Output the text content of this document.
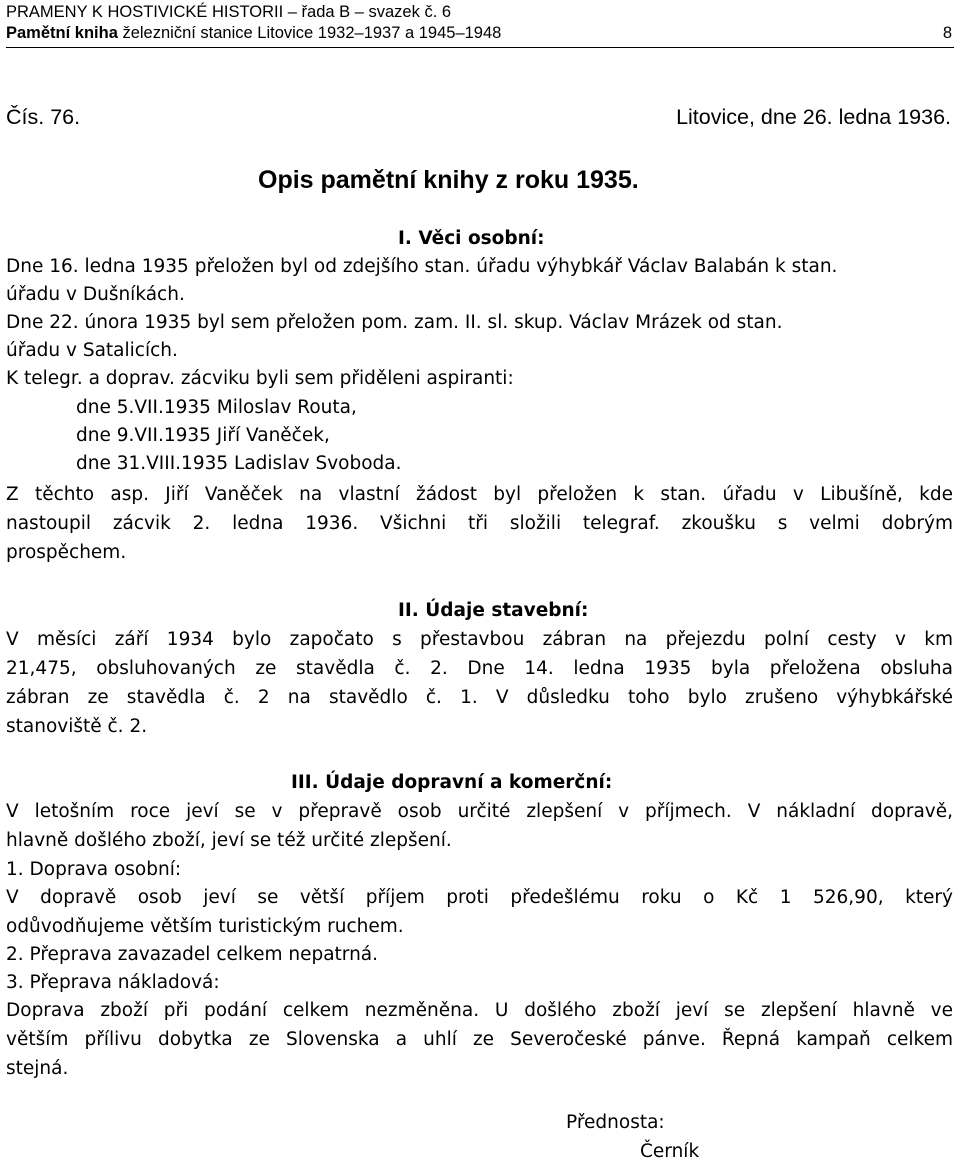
PRAMENY K HOSTIVICKÉ HISTORII – řada B – svazek č. 6
Pamětní kniha železniční stanice Litovice 1932–1937 a 1945–1948	8
Čís. 76.	Litovice, dne 26. ledna 1936.
Opis pamětní knihy z roku 1935.
I. Věci osobní:
Dne 16. ledna 1935 přeložen byl od zdejšího stan. úřadu výhybkář Václav Balabán k stan.
úřadu v Dušníkách.
Dne 22. února 1935 byl sem přeložen pom. zam. II. sl. skup. Václav Mrázek od stan.
úřadu v Satalicích.
K telegr. a doprav. zácviku byli sem přiděleni aspiranti:
dne 5.VII.1935 Miloslav Routa,
dne 9.VII.1935 Jiří Vaněček,
dne 31.VIII.1935 Ladislav Svoboda.
Z těchto asp. Jiří Vaněček na vlastní žádost byl přeložen k stan. úřadu v Libušíně, kde
nastoupil zácvik 2. ledna 1936. Všichni tři složili telegraf. zkoušku s velmi dobrým
prospěchem.
II. Údaje stavební:
V měsíci září 1934 bylo započato s přestavbou zábran na přejezdu polní cesty v km
21,475, obsluhovaných ze stavědla č. 2. Dne 14. ledna 1935 byla přeložena obsluha
zábran ze stavědla č. 2 na stavědlo č. 1. V důsledku toho bylo zrušeno výhybkářské
stanoviště č. 2.
III. Údaje dopravní a komerční:
V letošním roce jeví se v přepravě osob určité zlepšení v příjmech. V nákladní dopravě,
hlavně došlého zboží, jeví se též určité zlepšení.
1. Doprava osobní:
V dopravě osob jeví se větší příjem proti předešlému roku o Kč 1 526,90, který
odůvodňujeme větším turistickým ruchem.
2. Přeprava zavazadel celkem nepatrná.
3. Přeprava nákladová:
Doprava zboží při podání celkem nezměněna. U došlého zboží jeví se zlepšení hlavně ve
větším přílivu dobytka ze Slovenska a uhlí ze Severočeské pánve. Řepná kampaň celkem
stejná.
Přednosta:
Černík
